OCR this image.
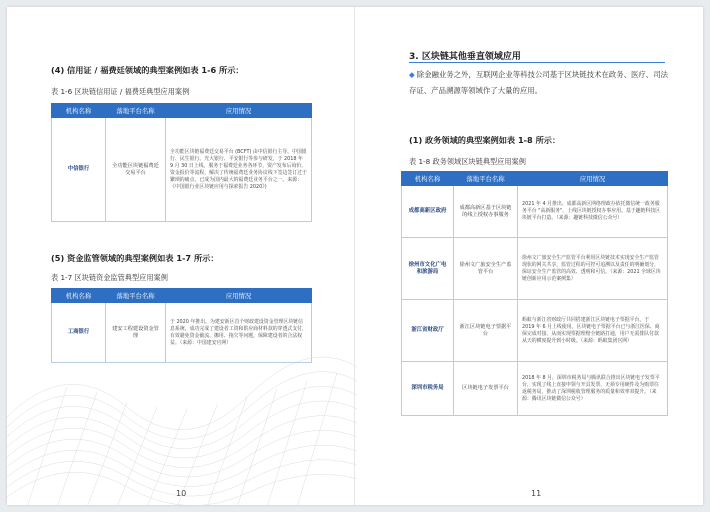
(4) 信用证 / 福费廷领域的典型案例如表 1-6 所示：
表 1-6 区块链信用证 / 福费廷典型应用案例
机构名称	落地平台名称	应用情况
中信银行	全功能区块链福费廷交易平台	全功能区块链福费廷交易平台 (BCFT) 由中信银行主导、中国银行、民生银行、光大银行、平安银行等参与研发，于 2018 年 9 月 30 日上线。服务于福费廷业务各环节，资产发布后询价、资金报价等流程，解决了传统福费廷业务协议线下签边签订过于繁琐的痛点，已成为国内最大的福费廷业务平台之一。来源：《中国银行业区块链应用与探索报告 2020》)
(5) 资金监管领域的典型案例如表 1-7 所示：
表 1-7 区块链资金监管典型应用案例
机构名称	落地平台名称	应用情况
工商银行	建安工程建设资金管理	于 2020 年推出。为建安新区首个财政建设资金管理区块链信息系统，成功完成了建设者工资和供应商材料款的穿透式支付，有效避免资金截流、挪用、拖欠等问题，保障建设者的合法权益。（来源：中国建安官网）
10
3. 区块链其他垂直领域应用
◆ 除金融业务之外，互联网企业等科技公司基于区块链技术在政务、医疗、司法存证、产品溯源等领域作了大量的应用。
(1) 政务领域的典型案例如表 1-8 所示：
表 1-8 政务领域区块链典型应用案例
机构名称	落地平台名称	应用情况
成都高新区政府	成都高新区基于区块链的线上授权办事服务	2021 年 4 月推出。成都高新区网络理政办依托微信统一政务服务平台 "高新服务"，上线区块链授权办事应用。基于趣链科技区块链平台打造。（来源：趣链科技微信公众号）
徐州市文化广电和旅游局	徐州文广旅安全生产监管平台	徐州文广旅安全生产监管平台利用区块链技术实现安全生产监管现状的网关共享，监管过程的可控可追溯以及责任的明确划分，保证安全生产监管的高效、透明和可信。（来源：2021 全球区块链创新应用示范案例集）
浙江省财政厅	浙江区块链电子票据平台	蚂蚁与浙江省财政厅共同搭建浙江区块链电子票据平台，于 2019 年 6 月上线使用。区块链电子票据平台已与浙江医保、商保完成对接，从而实现票据理赔全链路打通，用户无需排队付款从天的横度提升到小时级。（来源：蚂蚁集团官网）
深圳市税务局	区块链电子发票平台	2018 年 8 月，深圳市税务局与腾讯联合推出区块链电子发票平台，实现了线上直接申领与开具发票，无须专用硬件及为购票往返税务局，推动了深圳税收管理服务的质量和效率双提升。（来源：腾讯区块链微信公众号）
11
